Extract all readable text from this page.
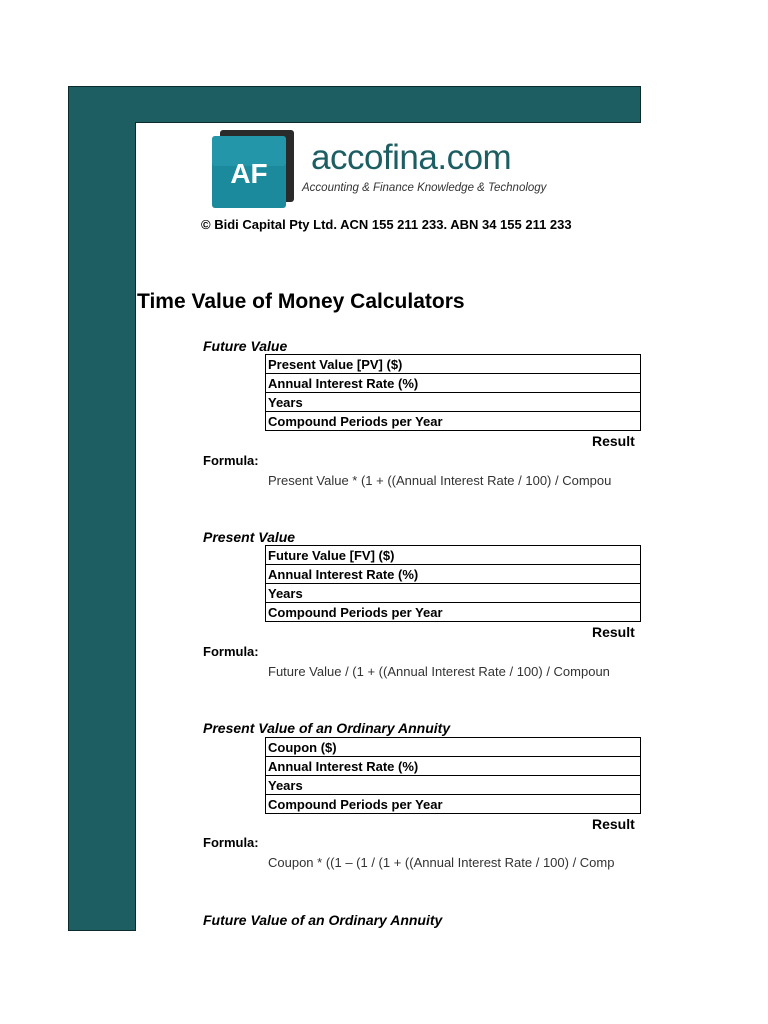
AF accofina.com
Accounting & Finance Knowledge & Technology
© Bidi Capital Pty Ltd. ACN 155 211 233. ABN 34 155 211 233
Time Value of Money Calculators
Future Value
Present Value [PV] ($)
Annual Interest Rate (%)
Years
Compound Periods per Year
Result
Formula:
Present Value * (1 + ((Annual Interest Rate / 100) / Compou
Present Value
Future Value [FV] ($)
Annual Interest Rate (%)
Years
Compound Periods per Year
Result
Formula:
Future Value / (1 + ((Annual Interest Rate / 100) / Compoun
Present Value of an Ordinary Annuity
Coupon ($)
Annual Interest Rate (%)
Years
Compound Periods per Year
Result
Formula:
Coupon * ((1 – (1 / (1 + ((Annual Interest Rate / 100) / Comp
Future Value of an Ordinary Annuity
